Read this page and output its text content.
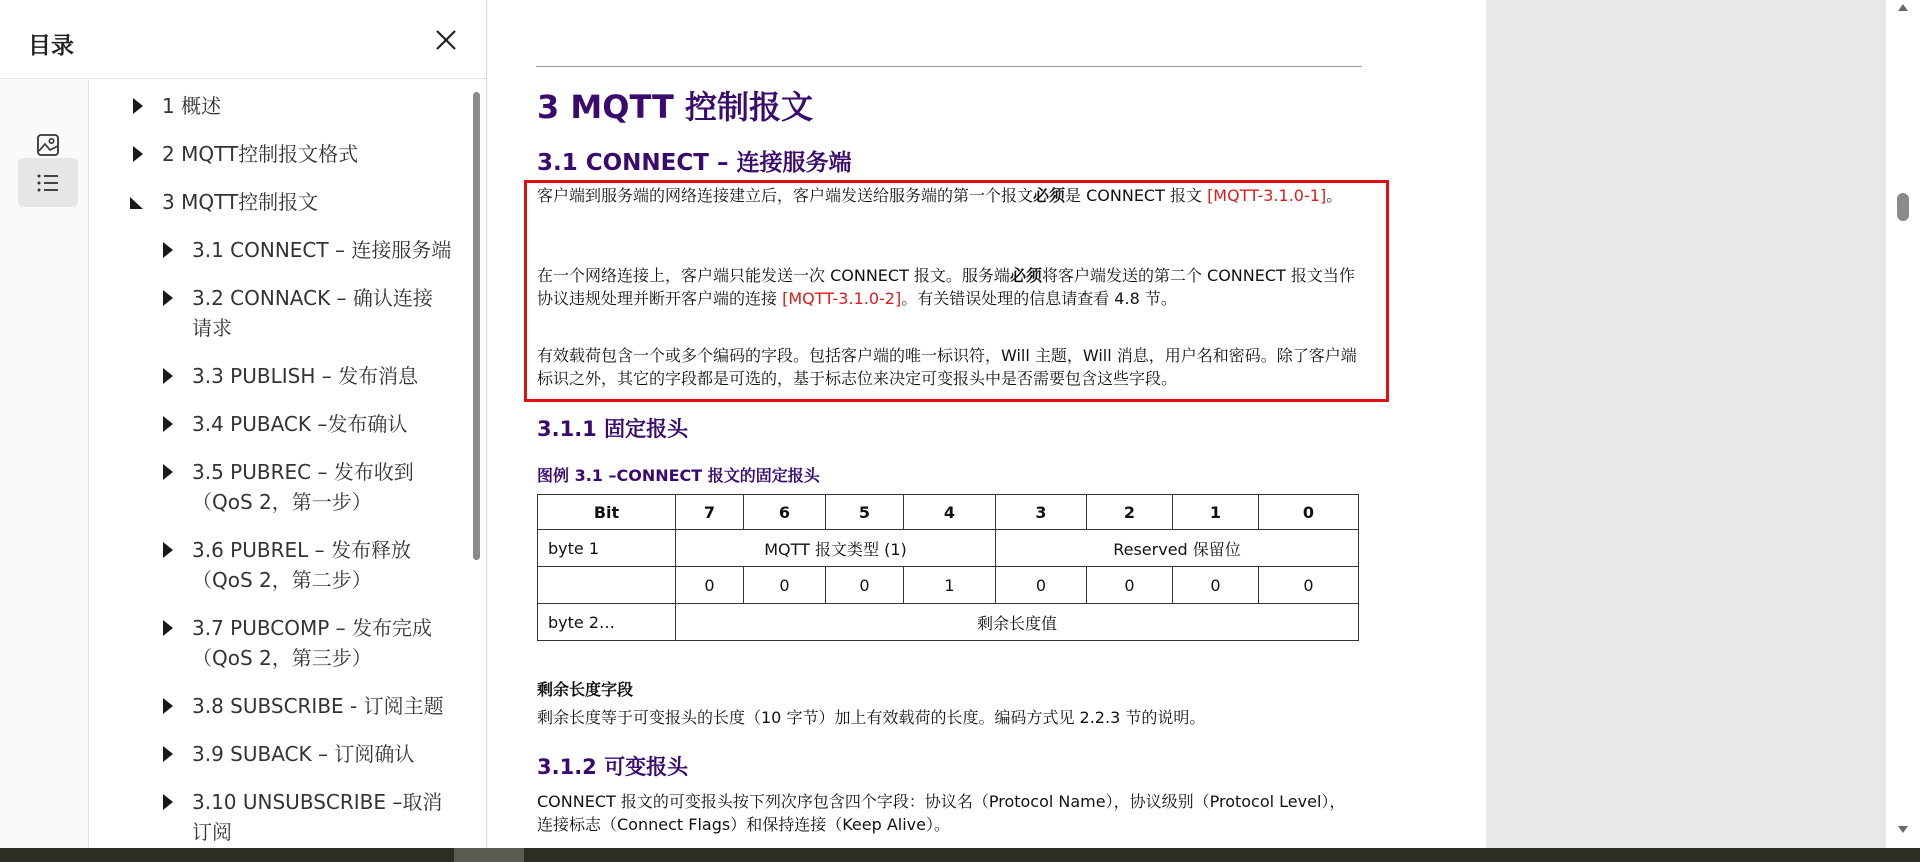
目录
1 概述
2 MQTT控制报文格式
3 MQTT控制报文
3.1 CONNECT – 连接服务端
3.2 CONNACK – 确认连接
请求
3.3 PUBLISH – 发布消息
3.4 PUBACK –发布确认
3.5 PUBREC – 发布收到
（QoS 2，第一步）
3.6 PUBREL – 发布释放
（QoS 2，第二步）
3.7 PUBCOMP – 发布完成
（QoS 2，第三步）
3.8 SUBSCRIBE - 订阅主题
3.9 SUBACK – 订阅确认
3.10 UNSUBSCRIBE –取消
订阅
3 MQTT 控制报文
3.1 CONNECT – 连接服务端
客户端到服务端的网络连接建立后，客户端发送给服务端的第一个报文必须是 CONNECT 报文 [MQTT-3.1.0-1]。
在一个网络连接上，客户端只能发送一次 CONNECT 报文。服务端必须将客户端发送的第二个 CONNECT 报文当作协议违规处理并断开客户端的连接 [MQTT-3.1.0-2]。有关错误处理的信息请查看 4.8 节。
有效载荷包含一个或多个编码的字段。包括客户端的唯一标识符，Will 主题，Will 消息，用户名和密码。除了客户端标识之外，其它的字段都是可选的，基于标志位来决定可变报头中是否需要包含这些字段。
3.1.1 固定报头
图例 3.1 –CONNECT 报文的固定报头
Bit	7	6	5	4	3	2	1	0
byte 1	MQTT 报文类型 (1)				Reserved 保留位			
	0	0	0	1	0	0	0	0
byte 2…	剩余长度值							
剩余长度字段
剩余长度等于可变报头的长度（10 字节）加上有效载荷的长度。编码方式见 2.2.3 节的说明。
3.1.2 可变报头
CONNECT 报文的可变报头按下列次序包含四个字段：协议名（Protocol Name），协议级别（Protocol Level），连接标志（Connect Flags）和保持连接（Keep Alive）。
